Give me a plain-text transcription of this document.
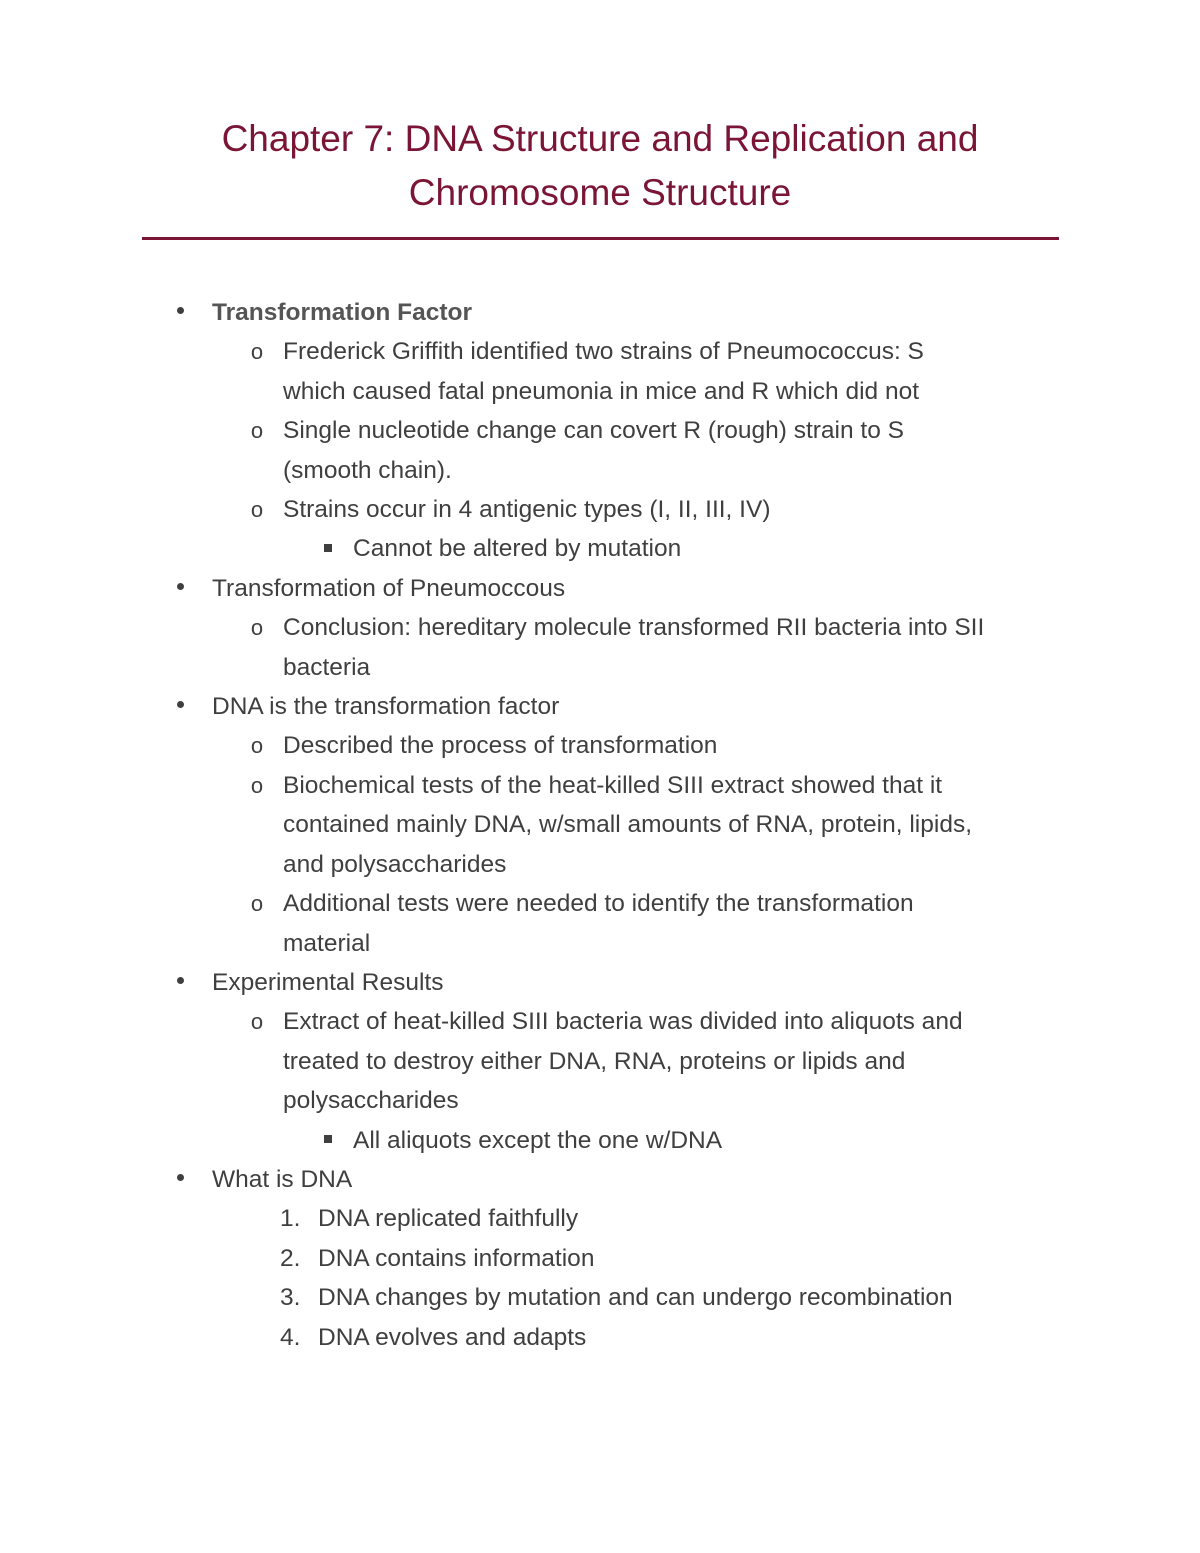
Chapter 7: DNA Structure and Replication and
Chromosome Structure
Transformation Factor
o Frederick Griffith identified two strains of Pneumococcus: S
which caused fatal pneumonia in mice and R which did not
o Single nucleotide change can covert R (rough) strain to S
(smooth chain).
o Strains occur in 4 antigenic types (I, II, III, IV)
Cannot be altered by mutation
Transformation of Pneumoccous
o Conclusion: hereditary molecule transformed RII bacteria into SII
bacteria
DNA is the transformation factor
o Described the process of transformation
o Biochemical tests of the heat-killed SIII extract showed that it
contained mainly DNA, w/small amounts of RNA, protein, lipids,
and polysaccharides
o Additional tests were needed to identify the transformation
material
Experimental Results
o Extract of heat-killed SIII bacteria was divided into aliquots and
treated to destroy either DNA, RNA, proteins or lipids and
polysaccharides
All aliquots except the one w/DNA
What is DNA
1. DNA replicated faithfully
2. DNA contains information
3. DNA changes by mutation and can undergo recombination
4. DNA evolves and adapts
